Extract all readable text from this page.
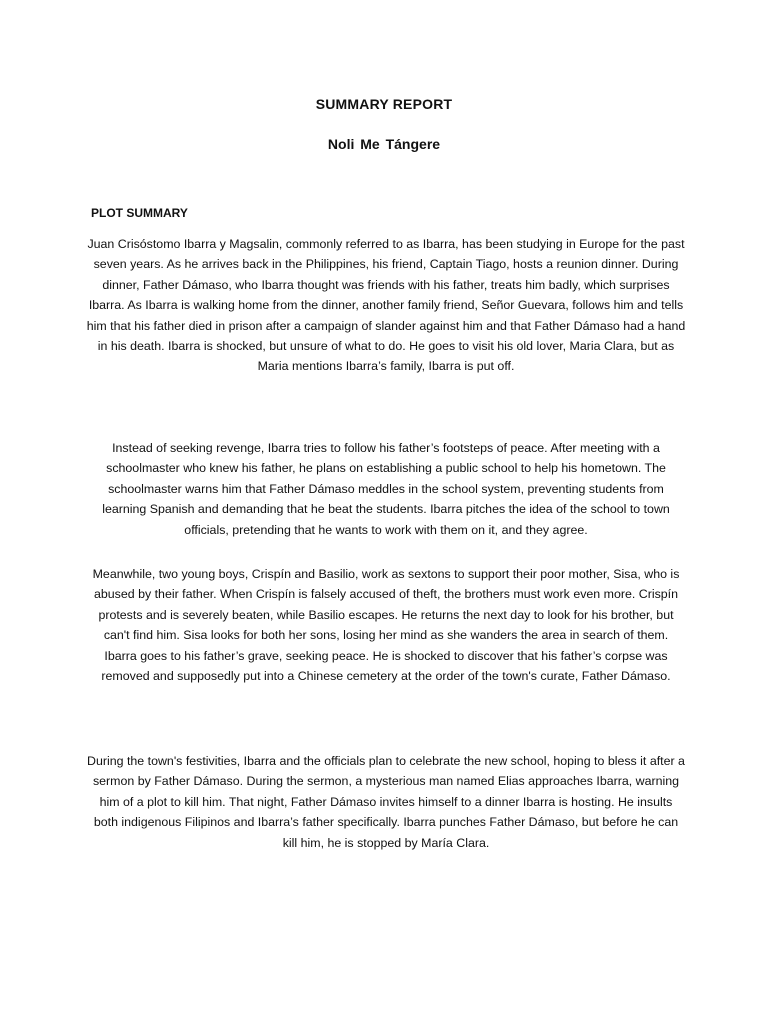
SUMMARY REPORT
Noli Me Tángere
PLOT SUMMARY

Juan Crisóstomo Ibarra y Magsalin, commonly referred to as Ibarra, has been studying in Europe for the past seven years. As he arrives back in the Philippines, his friend, Captain Tiago, hosts a reunion dinner. During dinner, Father Dámaso, who Ibarra thought was friends with his father, treats him badly, which surprises Ibarra. As Ibarra is walking home from the dinner, another family friend, Señor Guevara, follows him and tells him that his father died in prison after a campaign of slander against him and that Father Dámaso had a hand in his death. Ibarra is shocked, but unsure of what to do. He goes to visit his old lover, Maria Clara, but as Maria mentions Ibarra’s family, Ibarra is put off.

Instead of seeking revenge, Ibarra tries to follow his father’s footsteps of peace. After meeting with a schoolmaster who knew his father, he plans on establishing a public school to help his hometown. The schoolmaster warns him that Father Dámaso meddles in the school system, preventing students from learning Spanish and demanding that he beat the students. Ibarra pitches the idea of the school to town officials, pretending that he wants to work with them on it, and they agree.

Meanwhile, two young boys, Crispín and Basilio, work as sextons to support their poor mother, Sisa, who is abused by their father. When Crispín is falsely accused of theft, the brothers must work even more. Crispín protests and is severely beaten, while Basilio escapes. He returns the next day to look for his brother, but can't find him. Sisa looks for both her sons, losing her mind as she wanders the area in search of them. Ibarra goes to his father’s grave, seeking peace. He is shocked to discover that his father’s corpse was removed and supposedly put into a Chinese cemetery at the order of the town's curate, Father Dámaso.

During the town's festivities, Ibarra and the officials plan to celebrate the new school, hoping to bless it after a sermon by Father Dámaso. During the sermon, a mysterious man named Elias approaches Ibarra, warning him of a plot to kill him. That night, Father Dámaso invites himself to a dinner Ibarra is hosting. He insults both indigenous Filipinos and Ibarra’s father specifically. Ibarra punches Father Dámaso, but before he can kill him, he is stopped by María Clara.
